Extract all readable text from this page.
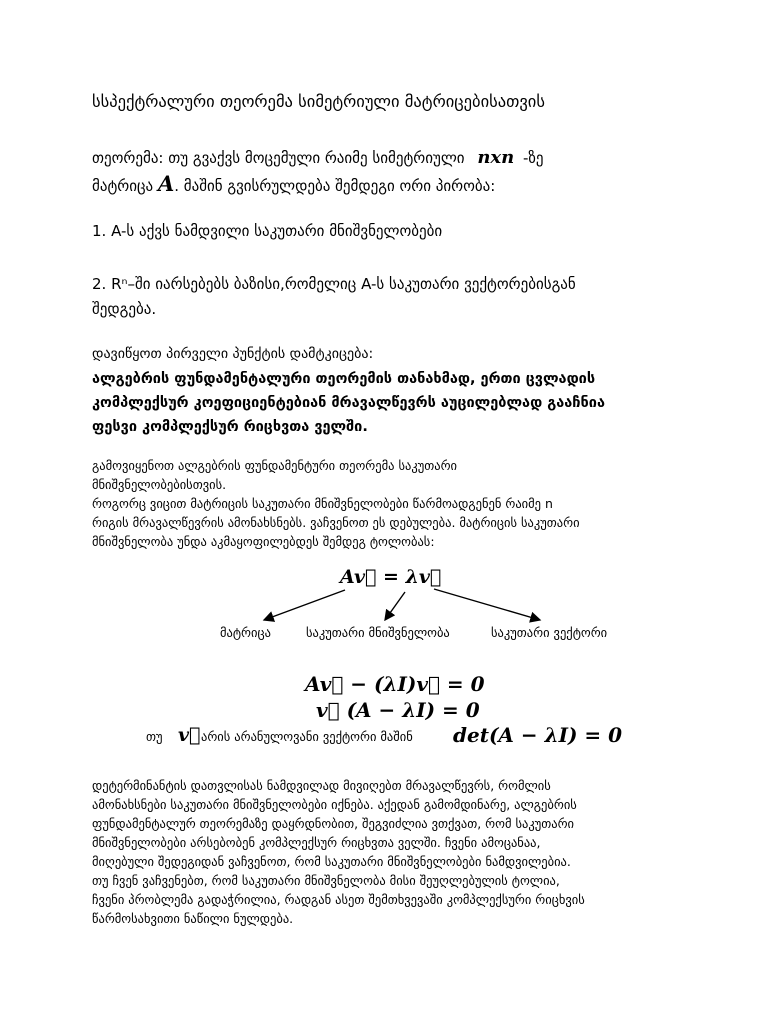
სსპექტრალური თეორემა სიმეტრიული მატრიცებისათვის

თეორემა: თუ გვაქვს მოცემული რაიმე სიმეტრიული nxn -ზე
მატრიცა A. მაშინ გვისრულდება შემდეგი ორი პირობა:

1. A-ს აქვს ნამდვილი საკუთარი მნიშვნელობები

2. Rⁿ–ში იარსებებს ბაზისი,რომელიც A-ს საკუთარი ვექტორებისგან
შედგება.

დავიწყოთ პირველი პუნქტის დამტკიცება:

ალგებრის ფუნდამენტალური თეორემის თანახმად, ერთი ცვლადის
კომპლექსურ კოეფიციენტებიან მრავალწევრს აუცილებლად გააჩნია
ფესვი კომპლექსურ რიცხვთა ველში.

გამოვიყენოთ ალგებრის ფუნდამენტური თეორემა საკუთარი
მნიშვნელობებისთვის.
როგორც ვიცით მატრიცის საკუთარი მნიშვნელობები წარმოადგენენ რაიმე n
რიგის მრავალწევრის ამონახსნებს. ვაჩვენოთ ეს დებულება. მატრიცის საკუთარი
მნიშვნელობა უნდა აკმაყოფილებდეს შემდეგ ტოლობას:

Av⃗ = λv⃗
მატრიცა	საკუთარი მნიშვნელობა	საკუთარი ვექტორი
Av⃗ − (λI)v⃗ = 0
v⃗ (A − λI) = 0
თუ v⃗ არის არანულოვანი ვექტორი მაშინ det(A − λI) = 0

დეტერმინანტის დათვლისას ნამდვილად მივიღებთ მრავალწევრს, რომლის
ამონახსნები საკუთარი მნიშვნელობები იქნება. აქედან გამომდინარე, ალგებრის
ფუნდამენტალურ თეორემაზე დაყრდნობით, შეგვიძლია ვთქვათ, რომ საკუთარი
მნიშვნელობები არსებობენ კომპლექსურ რიცხვთა ველში. ჩვენი ამოცანაა,
მიღებული შედეგიდან ვაჩვენოთ, რომ საკუთარი მნიშვნელობები ნამდვილებია.
თუ ჩვენ ვაჩვენებთ, რომ საკუთარი მნიშვნელობა მისი შეუღლებულის ტოლია,
ჩვენი პრობლემა გადაჭრილია, რადგან ასეთ შემთხვევაში კომპლექსური რიცხვის
წარმოსახვითი ნაწილი ნულდება.
